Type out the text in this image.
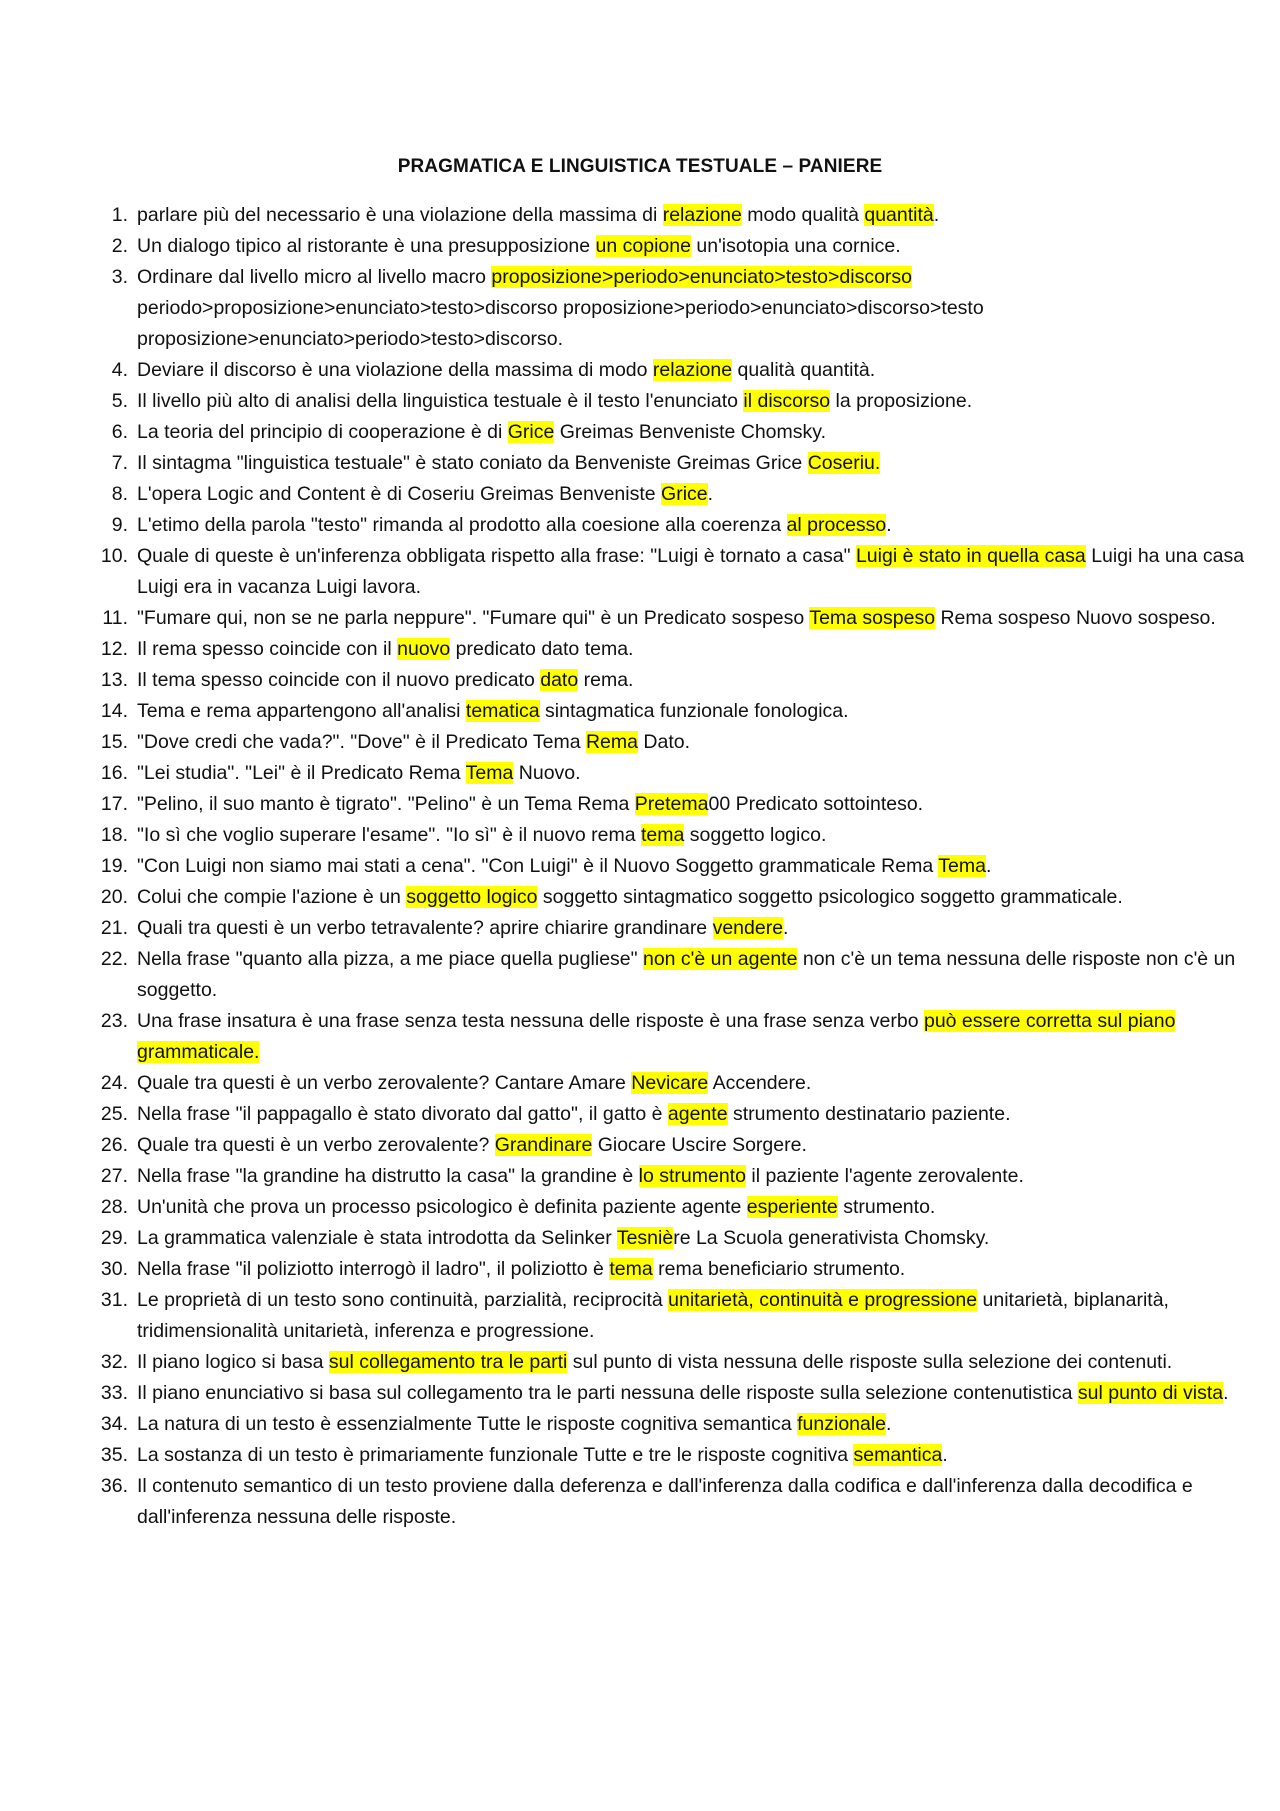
PRAGMATICA E LINGUISTICA TESTUALE – PANIERE
1. parlare più del necessario è una violazione della massima di relazione modo qualità quantità.
2. Un dialogo tipico al ristorante è una presupposizione un copione un'isotopia una cornice.
3. Ordinare dal livello micro al livello macro proposizione>periodo>enunciato>testo>discorso periodo>proposizione>enunciato>testo>discorso proposizione>periodo>enunciato>discorso>testo proposizione>enunciato>periodo>testo>discorso.
4. Deviare il discorso è una violazione della massima di modo relazione qualità quantità.
5. Il livello più alto di analisi della linguistica testuale è il testo l'enunciato il discorso la proposizione.
6. La teoria del principio di cooperazione è di Grice Greimas Benveniste Chomsky.
7. Il sintagma "linguistica testuale" è stato coniato da Benveniste Greimas Grice Coseriu.
8. L'opera Logic and Content è di Coseriu Greimas Benveniste Grice.
9. L'etimo della parola "testo" rimanda al prodotto alla coesione alla coerenza al processo.
10. Quale di queste è un'inferenza obbligata rispetto alla frase: "Luigi è tornato a casa" Luigi è stato in quella casa Luigi ha una casa Luigi era in vacanza Luigi lavora.
11. "Fumare qui, non se ne parla neppure". "Fumare qui" è un Predicato sospeso Tema sospeso Rema sospeso Nuovo sospeso.
12. Il rema spesso coincide con il nuovo predicato dato tema.
13. Il tema spesso coincide con il nuovo predicato dato rema.
14. Tema e rema appartengono all'analisi tematica sintagmatica funzionale fonologica.
15. "Dove credi che vada?". "Dove" è il Predicato Tema Rema Dato.
16. "Lei studia". "Lei" è il Predicato Rema Tema Nuovo.
17. "Pelino, il suo manto è tigrato". "Pelino" è un Tema Rema Pretema00 Predicato sottointeso.
18. "Io sì che voglio superare l'esame". "Io sì" è il nuovo rema tema soggetto logico.
19. "Con Luigi non siamo mai stati a cena". "Con Luigi" è il Nuovo Soggetto grammaticale Rema Tema.
20. Colui che compie l'azione è un soggetto logico soggetto sintagmatico soggetto psicologico soggetto grammaticale.
21. Quali tra questi è un verbo tetravalente? aprire chiarire grandinare vendere.
22. Nella frase "quanto alla pizza, a me piace quella pugliese" non c'è un agente non c'è un tema nessuna delle risposte non c'è un soggetto.
23. Una frase insatura è una frase senza testa nessuna delle risposte è una frase senza verbo può essere corretta sul piano grammaticale.
24. Quale tra questi è un verbo zerovalente? Cantare Amare Nevicare Accendere.
25. Nella frase "il pappagallo è stato divorato dal gatto", il gatto è agente strumento destinatario paziente.
26. Quale tra questi è un verbo zerovalente? Grandinare Giocare Uscire Sorgere.
27. Nella frase "la grandine ha distrutto la casa" la grandine è lo strumento il paziente l'agente zerovalente.
28. Un'unità che prova un processo psicologico è definita paziente agente esperiente strumento.
29. La grammatica valenziale è stata introdotta da Selinker Tesnière La Scuola generativista Chomsky.
30. Nella frase "il poliziotto interrogò il ladro", il poliziotto è tema rema beneficiario strumento.
31. Le proprietà di un testo sono continuità, parzialità, reciprocità unitarietà, continuità e progressione unitarietà, biplanarità, tridimensionalità unitarietà, inferenza e progressione.
32. Il piano logico si basa sul collegamento tra le parti sul punto di vista nessuna delle risposte sulla selezione dei contenuti.
33. Il piano enunciativo si basa sul collegamento tra le parti nessuna delle risposte sulla selezione contenutistica sul punto di vista.
34. La natura di un testo è essenzialmente Tutte le risposte cognitiva semantica funzionale.
35. La sostanza di un testo è primariamente funzionale Tutte e tre le risposte cognitiva semantica.
36. Il contenuto semantico di un testo proviene dalla deferenza e dall'inferenza dalla codifica e dall'inferenza dalla decodifica e dall'inferenza nessuna delle risposte.
